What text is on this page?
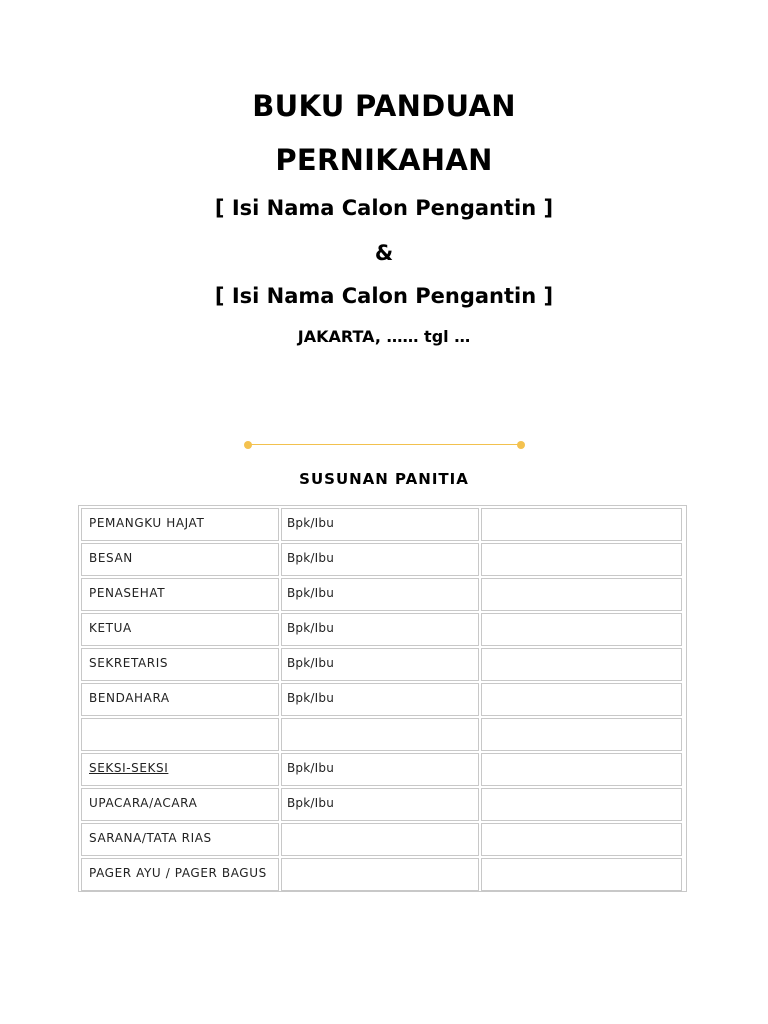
BUKU PANDUAN
PERNIKAHAN
[ Isi Nama Calon Pengantin ]
&
[ Isi Nama Calon Pengantin ]
JAKARTA, …… tgl …
SUSUNAN PANITIA
PEMANGKU HAJAT	Bpk/Ibu
BESAN	Bpk/Ibu
PENASEHAT	Bpk/Ibu
KETUA	Bpk/Ibu
SEKRETARIS	Bpk/Ibu
BENDAHARA	Bpk/Ibu
SEKSI-SEKSI	Bpk/Ibu
UPACARA/ACARA	Bpk/Ibu
SARANA/TATA RIAS
PAGER AYU / PAGER BAGUS
